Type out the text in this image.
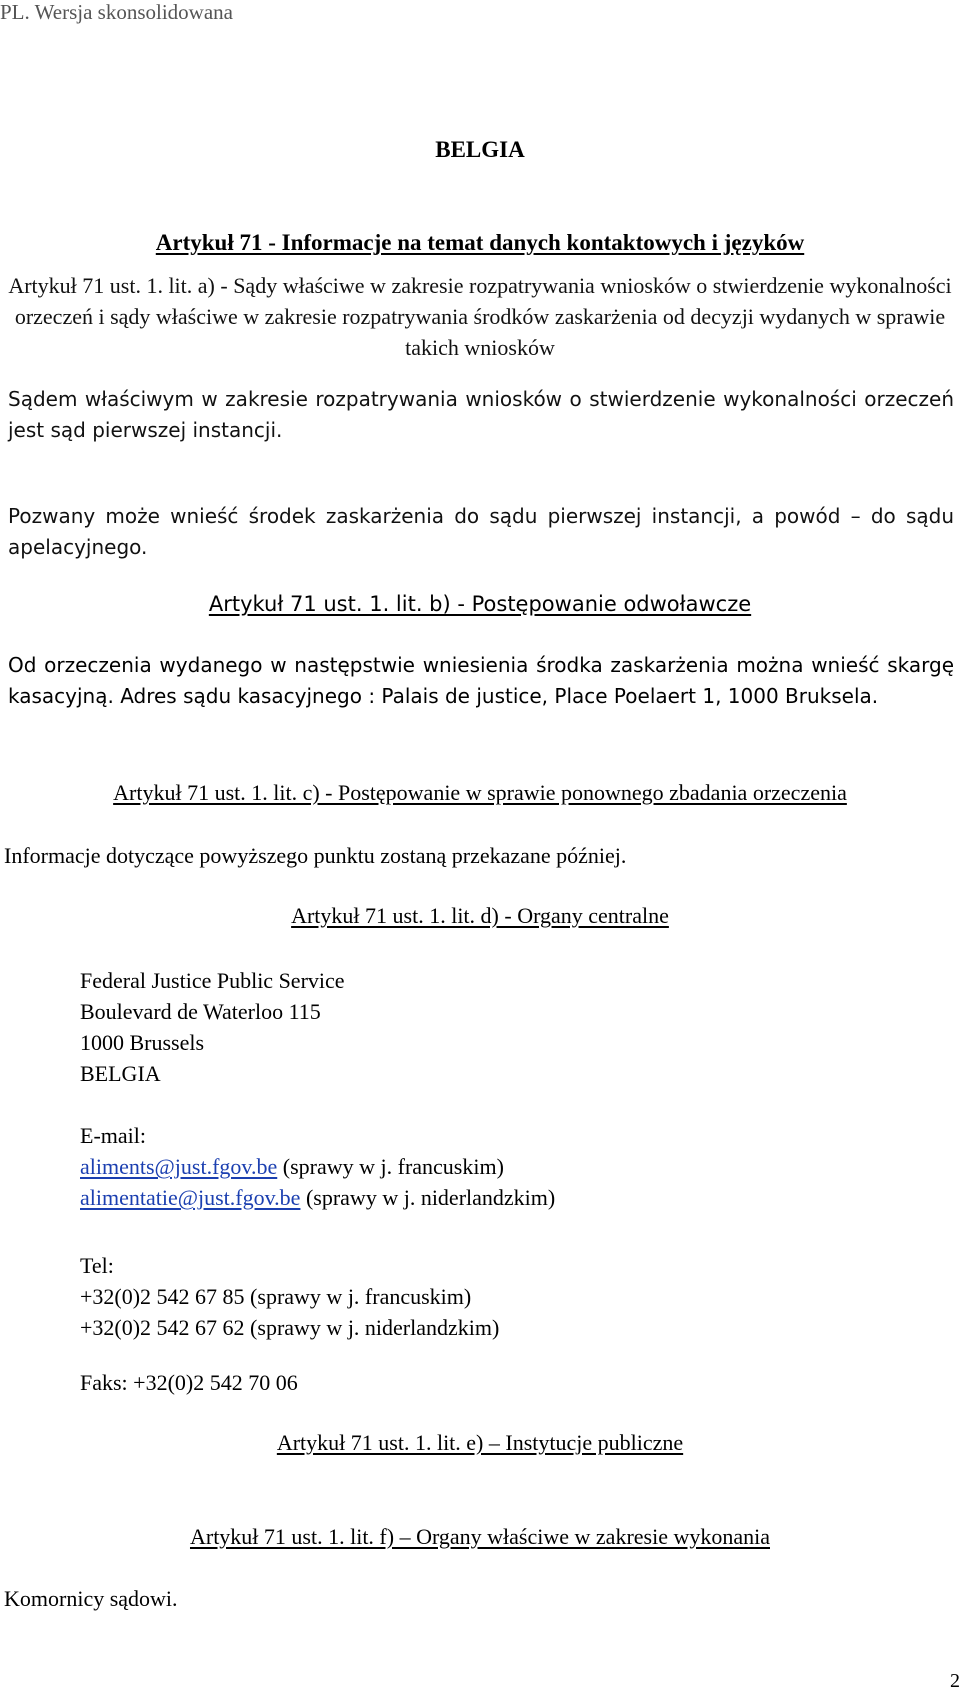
PL. Wersja skonsolidowana
BELGIA
Artykuł 71 - Informacje na temat danych kontaktowych i języków
Artykuł 71 ust. 1. lit. a) - Sądy właściwe w zakresie rozpatrywania wniosków o stwierdzenie wykonalności orzeczeń i sądy właściwe w zakresie rozpatrywania środków zaskarżenia od decyzji wydanych w sprawie takich wniosków
Sądem właściwym w zakresie rozpatrywania wniosków o stwierdzenie wykonalności orzeczeń jest sąd pierwszej instancji.
Pozwany może wnieść środek zaskarżenia do sądu pierwszej instancji, a powód – do sądu apelacyjnego.
Artykuł 71 ust. 1. lit. b) - Postępowanie odwoławcze
Od orzeczenia wydanego w następstwie wniesienia środka zaskarżenia można wnieść skargę kasacyjną. Adres sądu kasacyjnego : Palais de justice, Place Poelaert 1, 1000 Bruksela.
Artykuł 71 ust. 1. lit. c) - Postępowanie w sprawie ponownego zbadania orzeczenia
Informacje dotyczące powyższego punktu zostaną przekazane później.
Artykuł 71 ust. 1. lit. d) - Organy centralne
Federal Justice Public Service
Boulevard de Waterloo 115
1000 Brussels
BELGIA
E-mail:
aliments@just.fgov.be (sprawy w j. francuskim)
alimentatie@just.fgov.be (sprawy w j. niderlandzkim)
Tel:
+32(0)2 542 67 85 (sprawy w j. francuskim)
+32(0)2 542 67 62 (sprawy w j. niderlandzkim)
Faks: +32(0)2 542 70 06
Artykuł 71 ust. 1. lit. e) – Instytucje publiczne
Artykuł 71 ust. 1. lit. f) – Organy właściwe w zakresie wykonania
Komornicy sądowi.
2
